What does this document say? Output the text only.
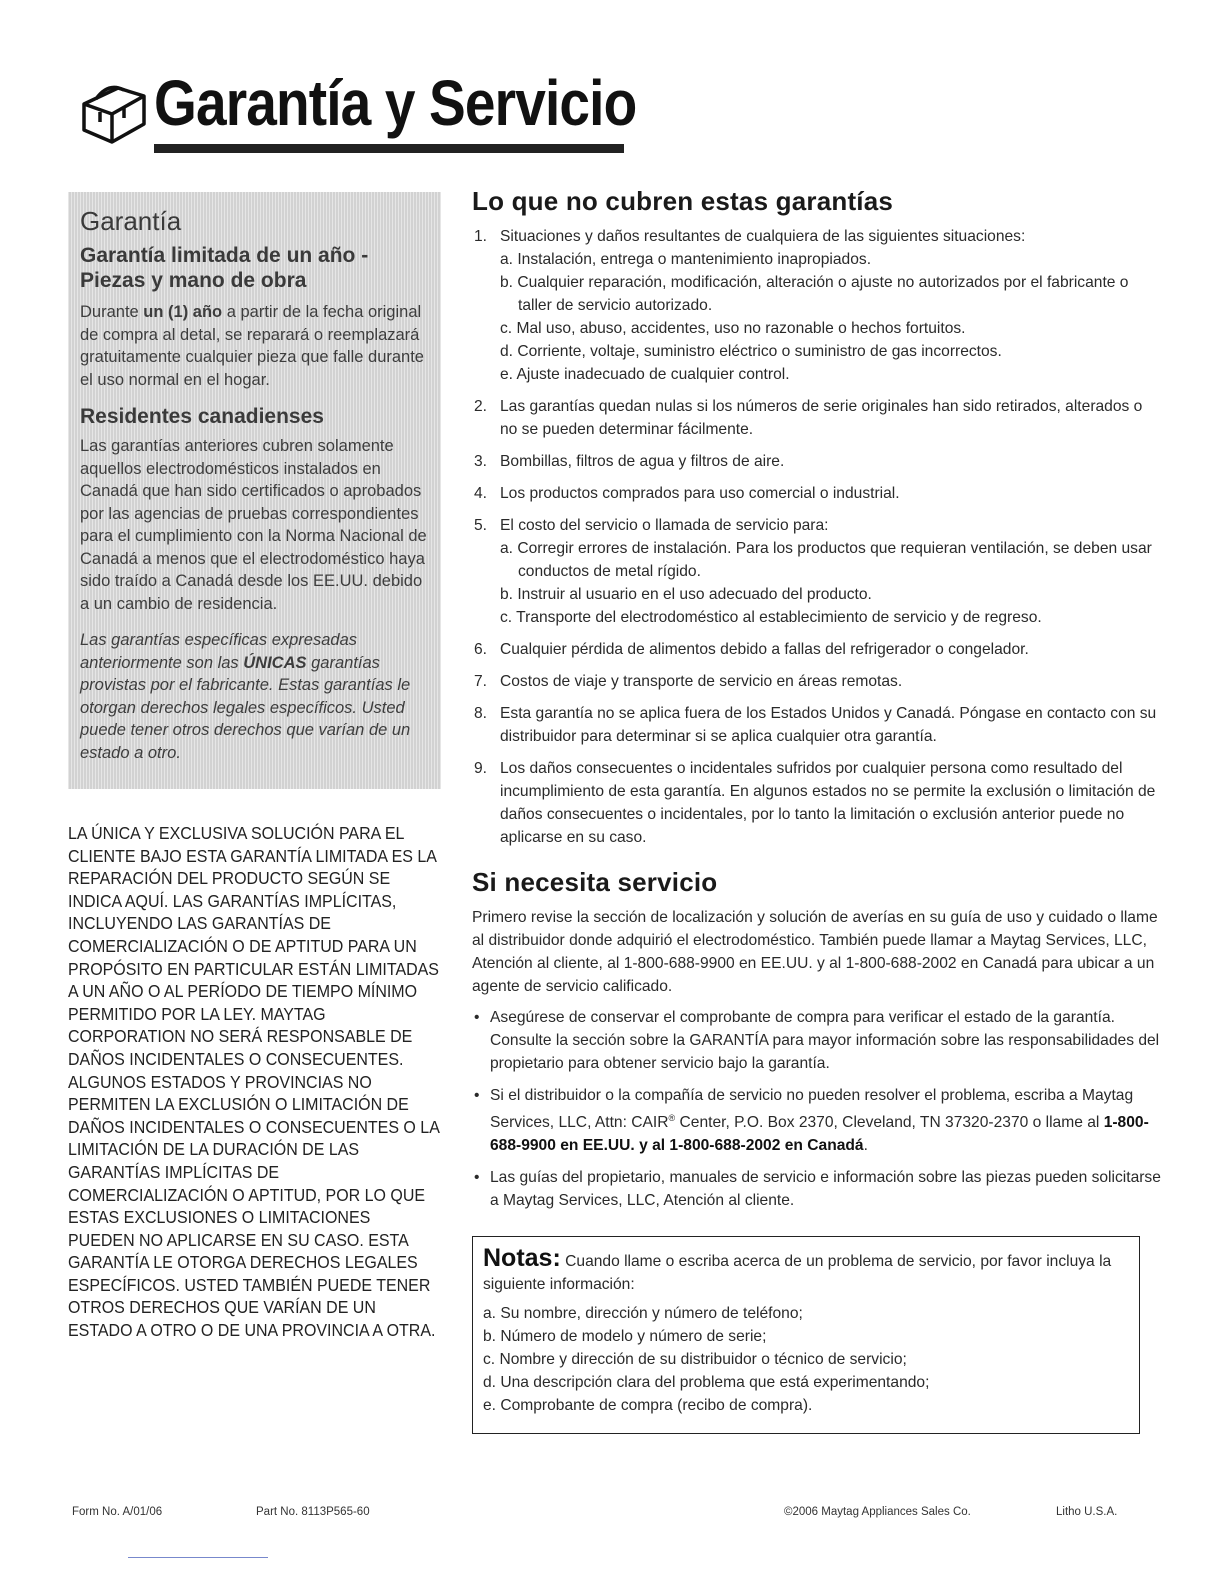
Garantía y Servicio
Garantía
Garantía limitada de un año - Piezas y mano de obra
Durante un (1) año a partir de la fecha original de compra al detal, se reparará o reemplazará gratuitamente cualquier pieza que falle durante el uso normal en el hogar.
Residentes canadienses
Las garantías anteriores cubren solamente aquellos electrodomésticos instalados en Canadá que han sido certificados o aprobados por las agencias de pruebas correspondientes para el cumplimiento con la Norma Nacional de Canadá a menos que el electrodoméstico haya sido traído a Canadá desde los EE.UU. debido a un cambio de residencia.
Las garantías específicas expresadas anteriormente son las ÚNICAS garantías provistas por el fabricante. Estas garantías le otorgan derechos legales específicos. Usted puede tener otros derechos que varían de un estado a otro.
LA ÚNICA Y EXCLUSIVA SOLUCIÓN PARA EL CLIENTE BAJO ESTA GARANTÍA LIMITADA ES LA REPARACIÓN DEL PRODUCTO SEGÚN SE INDICA AQUÍ. LAS GARANTÍAS IMPLÍCITAS, INCLUYENDO LAS GARANTÍAS DE COMERCIALIZACIÓN O DE APTITUD PARA UN PROPÓSITO EN PARTICULAR ESTÁN LIMITADAS A UN AÑO O AL PERÍODO DE TIEMPO MÍNIMO PERMITIDO POR LA LEY. MAYTAG CORPORATION NO SERÁ RESPONSABLE DE DAÑOS INCIDENTALES O CONSECUENTES. ALGUNOS ESTADOS Y PROVINCIAS NO PERMITEN LA EXCLUSIÓN O LIMITACIÓN DE DAÑOS INCIDENTALES O CONSECUENTES O LA LIMITACIÓN DE LA DURACIÓN DE LAS GARANTÍAS IMPLÍCITAS DE COMERCIALIZACIÓN O APTITUD, POR LO QUE ESTAS EXCLUSIONES O LIMITACIONES PUEDEN NO APLICARSE EN SU CASO. ESTA GARANTÍA LE OTORGA DERECHOS LEGALES ESPECÍFICOS. USTED TAMBIÉN PUEDE TENER OTROS DERECHOS QUE VARÍAN DE UN ESTADO A OTRO O DE UNA PROVINCIA A OTRA.
Lo que no cubren estas garantías
1. Situaciones y daños resultantes de cualquiera de las siguientes situaciones:
a. Instalación, entrega o mantenimiento inapropiados.
b. Cualquier reparación, modificación, alteración o ajuste no autorizados por el fabricante o taller de servicio autorizado.
c. Mal uso, abuso, accidentes, uso no razonable o hechos fortuitos.
d. Corriente, voltaje, suministro eléctrico o suministro de gas incorrectos.
e. Ajuste inadecuado de cualquier control.
2. Las garantías quedan nulas si los números de serie originales han sido retirados, alterados o no se pueden determinar fácilmente.
3. Bombillas, filtros de agua y filtros de aire.
4. Los productos comprados para uso comercial o industrial.
5. El costo del servicio o llamada de servicio para:
a. Corregir errores de instalación. Para los productos que requieran ventilación, se deben usar conductos de metal rígido.
b. Instruir al usuario en el uso adecuado del producto.
c. Transporte del electrodoméstico al establecimiento de servicio y de regreso.
6. Cualquier pérdida de alimentos debido a fallas del refrigerador o congelador.
7. Costos de viaje y transporte de servicio en áreas remotas.
8. Esta garantía no se aplica fuera de los Estados Unidos y Canadá. Póngase en contacto con su distribuidor para determinar si se aplica cualquier otra garantía.
9. Los daños consecuentes o incidentales sufridos por cualquier persona como resultado del incumplimiento de esta garantía. En algunos estados no se permite la exclusión o limitación de daños consecuentes o incidentales, por lo tanto la limitación o exclusión anterior puede no aplicarse en su caso.
Si necesita servicio
Primero revise la sección de localización y solución de averías en su guía de uso y cuidado o llame al distribuidor donde adquirió el electrodoméstico. También puede llamar a Maytag Services, LLC, Atención al cliente, al 1-800-688-9900 en EE.UU. y al 1-800-688-2002 en Canadá para ubicar a un agente de servicio calificado.
• Asegúrese de conservar el comprobante de compra para verificar el estado de la garantía. Consulte la sección sobre la GARANTÍA para mayor información sobre las responsabilidades del propietario para obtener servicio bajo la garantía.
• Si el distribuidor o la compañía de servicio no pueden resolver el problema, escriba a Maytag Services, LLC, Attn: CAIR® Center, P.O. Box 2370, Cleveland, TN 37320-2370 o llame al 1-800-688-9900 en EE.UU. y al 1-800-688-2002 en Canadá.
• Las guías del propietario, manuales de servicio e información sobre las piezas pueden solicitarse a Maytag Services, LLC, Atención al cliente.
Notas: Cuando llame o escriba acerca de un problema de servicio, por favor incluya la siguiente información:
a. Su nombre, dirección y número de teléfono;
b. Número de modelo y número de serie;
c. Nombre y dirección de su distribuidor o técnico de servicio;
d. Una descripción clara del problema que está experimentando;
e. Comprobante de compra (recibo de compra).
Form No. A/01/06	Part No. 8113P565-60	©2006 Maytag Appliances Sales Co.	Litho U.S.A.
